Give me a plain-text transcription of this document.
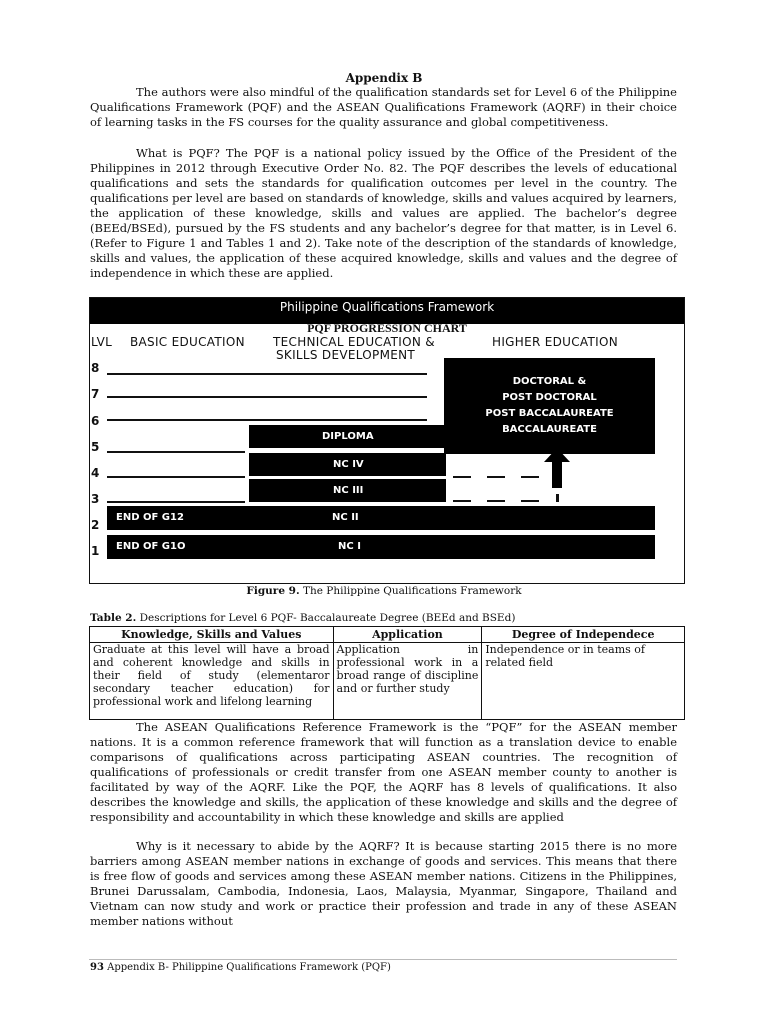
Appendix B

The authors were also mindful of the qualification standards set for Level 6 of the Philippine Qualifications Framework (PQF) and the ASEAN Qualifications Framework (AQRF) in their choice of learning tasks in the FS courses for the quality assurance and global competitiveness.

What is PQF? The PQF is a national policy issued by the Office of the President of the Philippines in 2012 through Executive Order No. 82. The PQF describes the levels of educational qualifications and sets the standards for qualification outcomes per level in the country. The qualifications per level are based on standards of knowledge, skills and values acquired by learners, the application of these knowledge, skills and values are applied. The bachelor’s degree (BEEd/BSEd), pursued by the FS students and any bachelor’s degree for that matter, is in Level 6. (Refer to Figure 1 and Tables 1 and 2). Take note of the description of the standards of knowledge, skills and values, the application of these acquired knowledge, skills and values and the degree of independence in which these are applied.

Philippine Qualifications Framework
PQF PROGRESSION CHART
LVL BASIC EDUCATION TECHNICAL EDUCATION &
SKILLS DEVELOPMENT
HIGHER EDUCATION
8
7
6
5
4
3
2
1
DOCTORAL &
POST DOCTORAL
POST BACCALAUREATE
BACCALAUREATE
DIPLOMA
NC IV
NC III
END OF G12	NC II
END OF G1O	NC I
Figure 9. The Philippine Qualifications Framework
Table 2. Descriptions for Level 6 PQF- Baccalaureate Degree (BEEd and BSEd)
Knowledge, Skills and Values	Application	Degree of Independece
Graduate at this level will have a broad and coherent knowledge and skills in their field of study (elementaror secondary teacher education) for professional work and lifelong learning	Application in professional work in a broad range of discipline and or further study	Independence or in teams of related field

The ASEAN Qualifications Reference Framework is the “PQF” for the ASEAN member nations. It is a common reference framework that will function as a translation device to enable comparisons of qualifications across participating ASEAN countries. The recognition of qualifications of professionals or credit transfer from one ASEAN member county to another is facilitated by way of the AQRF. Like the PQF, the AQRF has 8 levels of qualifications. It also describes the knowledge and skills, the application of these knowledge and skills and the degree of responsibility and accountability in which these knowledge and skills are applied

Why is it necessary to abide by the AQRF? It is because starting 2015 there is no more barriers among ASEAN member nations in exchange of goods and services. This means that there is free flow of goods and services among these ASEAN member nations. Citizens in the Philippines, Brunei Darussalam, Cambodia, Indonesia, Laos, Malaysia, Myanmar, Singapore, Thailand and Vietnam can now study and work or practice their profession and trade in any of these ASEAN member nations without

93 Appendix B- Philippine Qualifications Framework (PQF)
